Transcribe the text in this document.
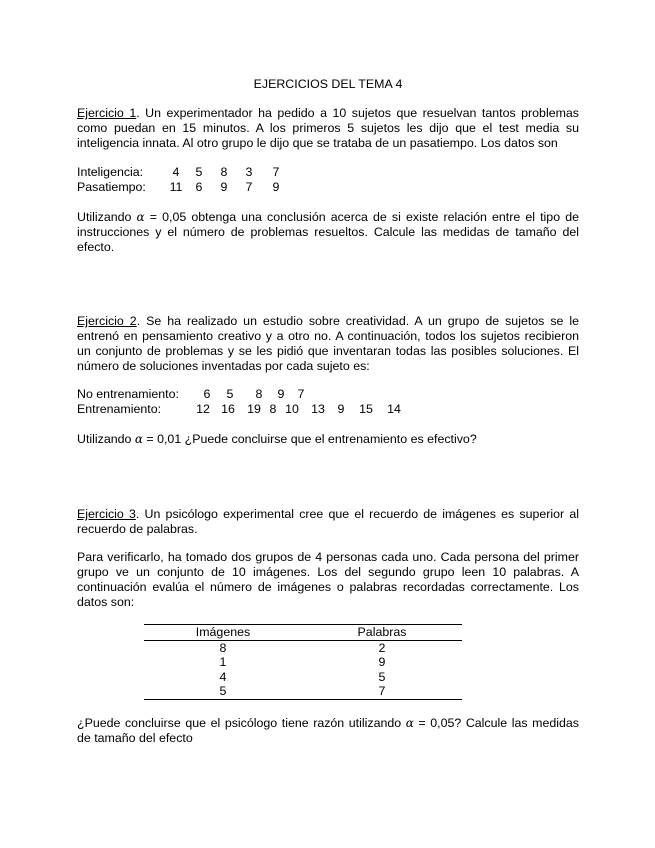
EJERCICIOS DEL TEMA 4

Ejercicio 1. Un experimentador ha pedido a 10 sujetos que resuelvan tantos problemas como puedan en 15 minutos. A los primeros 5 sujetos les dijo que el test media su inteligencia innata. Al otro grupo le dijo que se trataba de un pasatiempo. Los datos son

Inteligencia: 4 5 8 3 7
Pasatiempo: 11 6 9 7 9

Utilizando α = 0,05 obtenga una conclusión acerca de si existe relación entre el tipo de instrucciones y el número de problemas resueltos. Calcule las medidas de tamaño del efecto.

Ejercicio 2. Se ha realizado un estudio sobre creatividad. A un grupo de sujetos se le entrenó en pensamiento creativo y a otro no. A continuación, todos los sujetos recibieron un conjunto de problemas y se les pidió que inventaran todas las posibles soluciones. El número de soluciones inventadas por cada sujeto es:

No entrenamiento: 6 5 8 9 7
Entrenamiento:	12 16 19 8 10 13 9 15 14

Utilizando α = 0,01 ¿Puede concluirse que el entrenamiento es efectivo?

Ejercicio 3. Un psicólogo experimental cree que el recuerdo de imágenes es superior al recuerdo de palabras.

Para verificarlo, ha tomado dos grupos de 4 personas cada uno. Cada persona del primer grupo ve un conjunto de 10 imágenes. Los del segundo grupo leen 10 palabras. A continuación evalúa el número de imágenes o palabras recordadas correctamente. Los datos son:

Imágenes	Palabras
8	2
1	9
4	5
5	7

¿Puede concluirse que el psicólogo tiene razón utilizando α = 0,05? Calcule las medidas de tamaño del efecto
